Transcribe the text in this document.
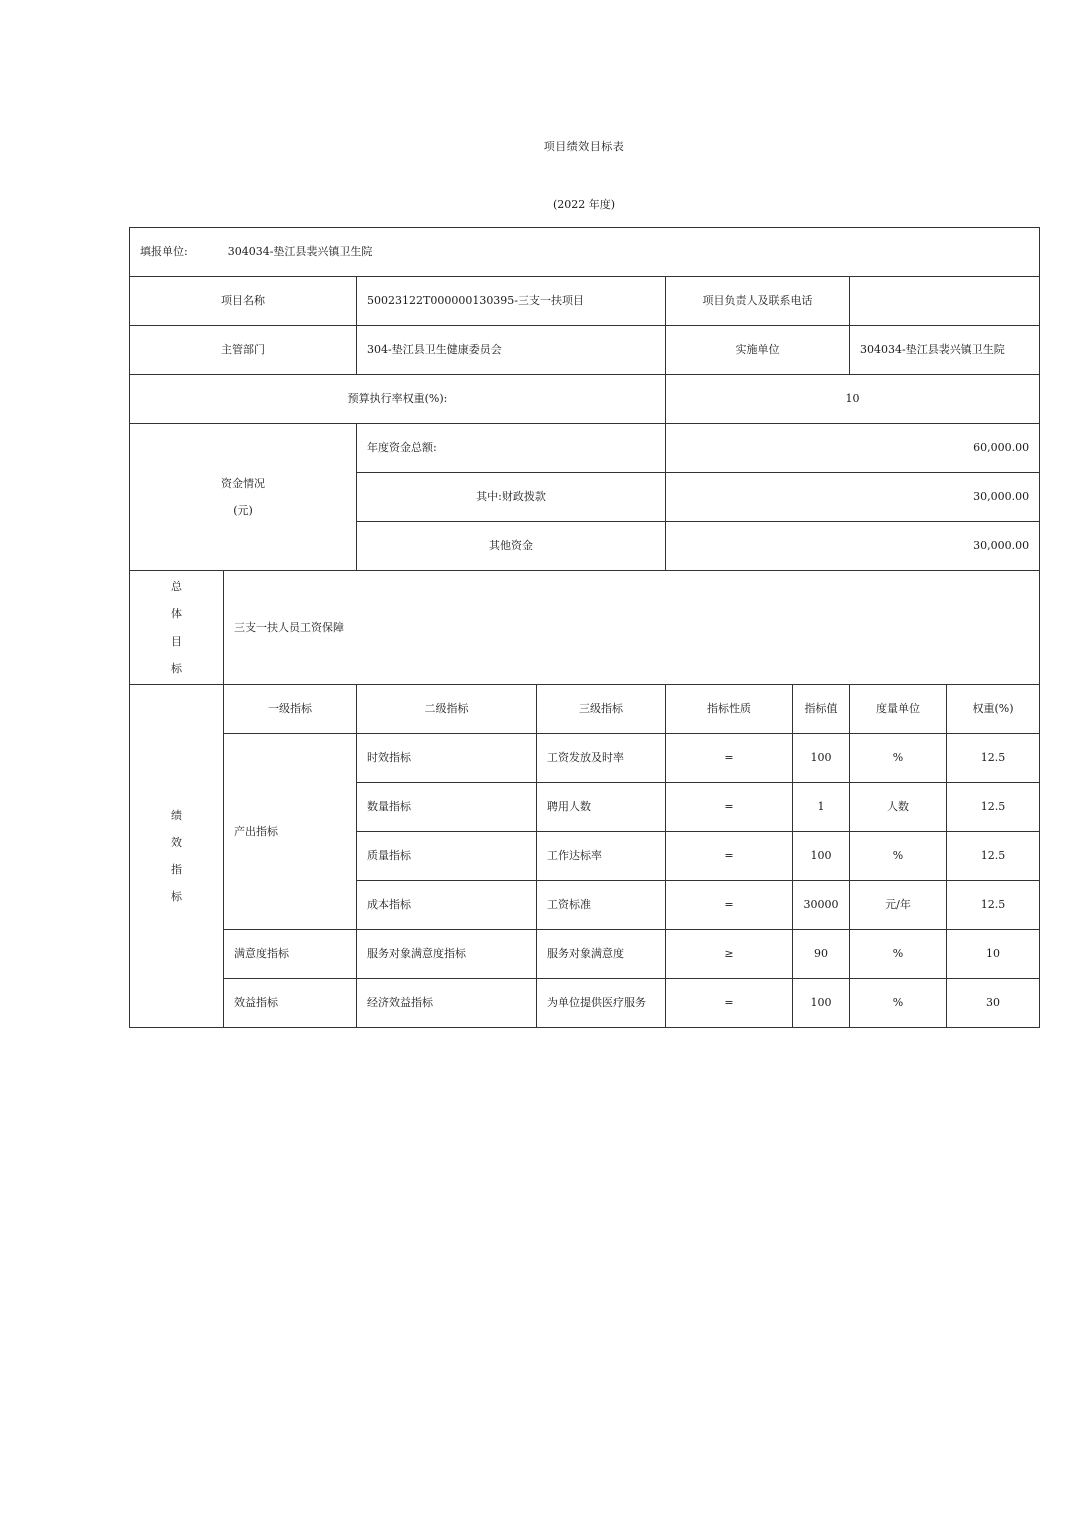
项目绩效目标表
(2022 年度)
填报单位: 304034-垫江县裴兴镇卫生院							
项目名称		50023122T000000130395-三支一扶项目		项目负责人及联系电话			
主管部门		304-垫江县卫生健康委员会		实施单位		304034-垫江县裴兴镇卫生院	
预算执行率权重(%):				10			

资金情况
(元)		年度资金总额:		60,000.00			
		其中:财政拨款		30,000.00			
		其他资金		30,000.00			

总
体
目
标	三支一扶人员工资保障						

绩
效
指
标	一级指标	二级指标	三级指标	指标性质	指标值	度量单位	权重(%)
	产出指标	时效指标	工资发放及时率	=	100	%	12.5
		数量指标	聘用人数	=	1	人数	12.5
		质量指标	工作达标率	=	100	%	12.5
		成本指标	工资标准	=	30000	元/年	12.5
	满意度指标	服务对象满意度指标	服务对象满意度	≥	90	%	10
	效益指标	经济效益指标	为单位提供医疗服务	=	100	%	30
